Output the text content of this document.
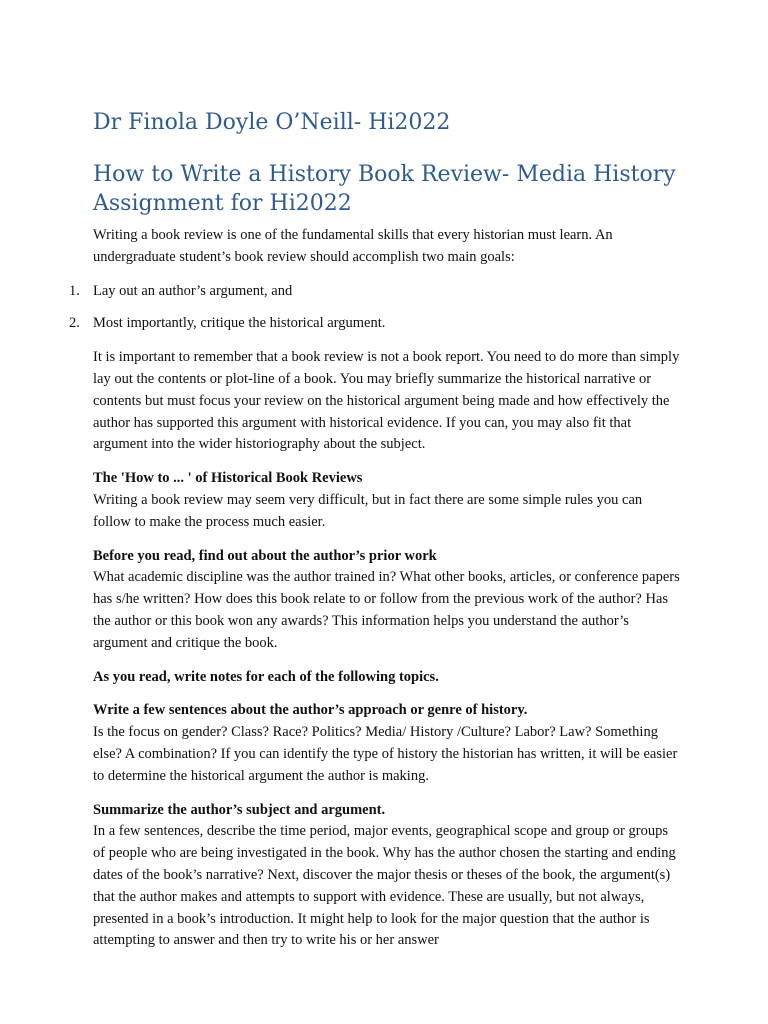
Dr Finola Doyle O’Neill- Hi2022
How to Write a History Book Review- Media History Assignment for Hi2022

Writing a book review is one of the fundamental skills that every historian must learn. An undergraduate student’s book review should accomplish two main goals:

1. Lay out an author’s argument, and
2. Most importantly, critique the historical argument.

It is important to remember that a book review is not a book report. You need to do more than simply lay out the contents or plot-line of a book. You may briefly summarize the historical narrative or contents but must focus your review on the historical argument being made and how effectively the author has supported this argument with historical evidence. If you can, you may also fit that argument into the wider historiography about the subject.

The 'How to ... ' of Historical Book Reviews
Writing a book review may seem very difficult, but in fact there are some simple rules you can follow to make the process much easier.
Before you read, find out about the author’s prior work
What academic discipline was the author trained in? What other books, articles, or conference papers has s/he written? How does this book relate to or follow from the previous work of the author? Has the author or this book won any awards? This information helps you understand the author’s argument and critique the book.
As you read, write notes for each of the following topics.
Write a few sentences about the author’s approach or genre of history.
Is the focus on gender? Class? Race? Politics? Media/ History /Culture? Labor? Law? Something else? A combination? If you can identify the type of history the historian has written, it will be easier to determine the historical argument the author is making.
Summarize the author’s subject and argument.
In a few sentences, describe the time period, major events, geographical scope and group or groups of people who are being investigated in the book. Why has the author chosen the starting and ending dates of the book’s narrative? Next, discover the major thesis or theses of the book, the argument(s) that the author makes and attempts to support with evidence. These are usually, but not always, presented in a book’s introduction. It might help to look for the major question that the author is attempting to answer and then try to write his or her answer
